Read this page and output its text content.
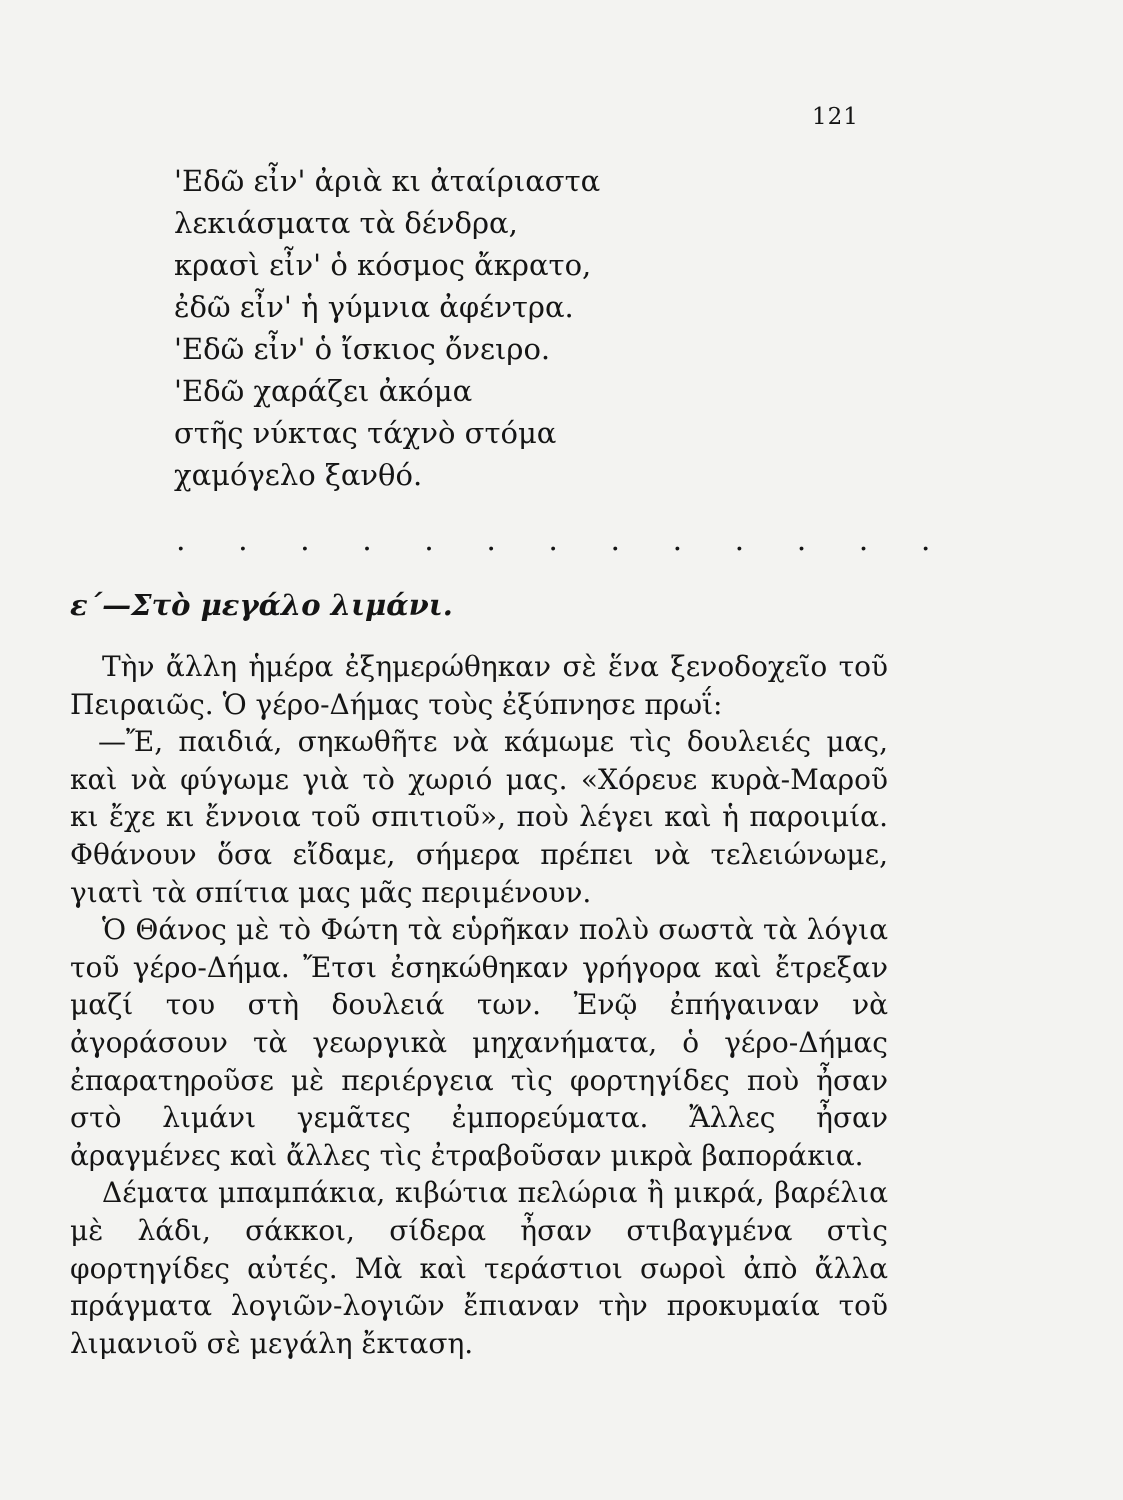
121
'Εδῶ εἶν' ἀριὰ κι ἀταίριαστα
λεκιάσματα τὰ δένδρα,
κρασὶ εἶν' ὁ κόσμος ἄκρατο,
ἐδῶ εἶν' ἡ γύμνια ἀφέντρα.
'Εδῶ εἶν' ὁ ἴσκιος ὄνειρο.
'Εδῶ χαράζει ἀκόμα
στῆς νύκτας τάχνὸ στόμα
χαμόγελο ξανθό.
. . . . . . . . . . . . .
ε΄—Στὸ μεγάλο λιμάνι.

Τὴν ἄλλη ἡμέρα ἐξημερώθηκαν σὲ ἕνα ξενοδοχεῖο τοῦ Πειραιῶς. Ὁ γέρο-Δήμας τοὺς ἐξύπνησε πρωΐ:

—Ἔ, παιδιά, σηκωθῆτε νὰ κάμωμε τὶς δουλειές μας, καὶ νὰ φύγωμε γιὰ τὸ χωριό μας. «Χόρευε κυρὰ-Μαροῦ κι ἔχε κι ἔννοια τοῦ σπιτιοῦ», ποὺ λέγει καὶ ἡ παροιμία. Φθάνουν ὅσα εἴδαμε, σήμερα πρέπει νὰ τελειώνωμε, γιατὶ τὰ σπίτια μας μᾶς περιμένουν.

Ὁ Θάνος μὲ τὸ Φώτη τὰ εὑρῆκαν πολὺ σωστὰ τὰ λόγια τοῦ γέρο-Δήμα. Ἔτσι ἐσηκώθηκαν γρήγορα καὶ ἔτρεξαν μαζί του στὴ δουλειά των. Ἐνῷ ἐπήγαιναν νὰ ἀγοράσουν τὰ γεωργικὰ μηχανήματα, ὁ γέρο-Δήμας ἐπαρατηροῦσε μὲ περιέργεια τὶς φορτηγίδες ποὺ ἦσαν στὸ λιμάνι γεμᾶτες ἐμπορεύματα. Ἄλλες ἦσαν ἀραγμένες καὶ ἄλλες τὶς ἐτραβοῦσαν μικρὰ βαποράκια.

Δέματα μπαμπάκια, κιβώτια πελώρια ἢ μικρά, βαρέλια μὲ λάδι, σάκκοι, σίδερα ἦσαν στιβαγμένα στὶς φορτηγίδες αὐτές. Μὰ καὶ τεράστιοι σωροὶ ἀπὸ ἄλλα πράγματα λογιῶν-λογιῶν ἔπιαναν τὴν προκυμαία τοῦ λιμανιοῦ σὲ μεγάλη ἔκταση.
